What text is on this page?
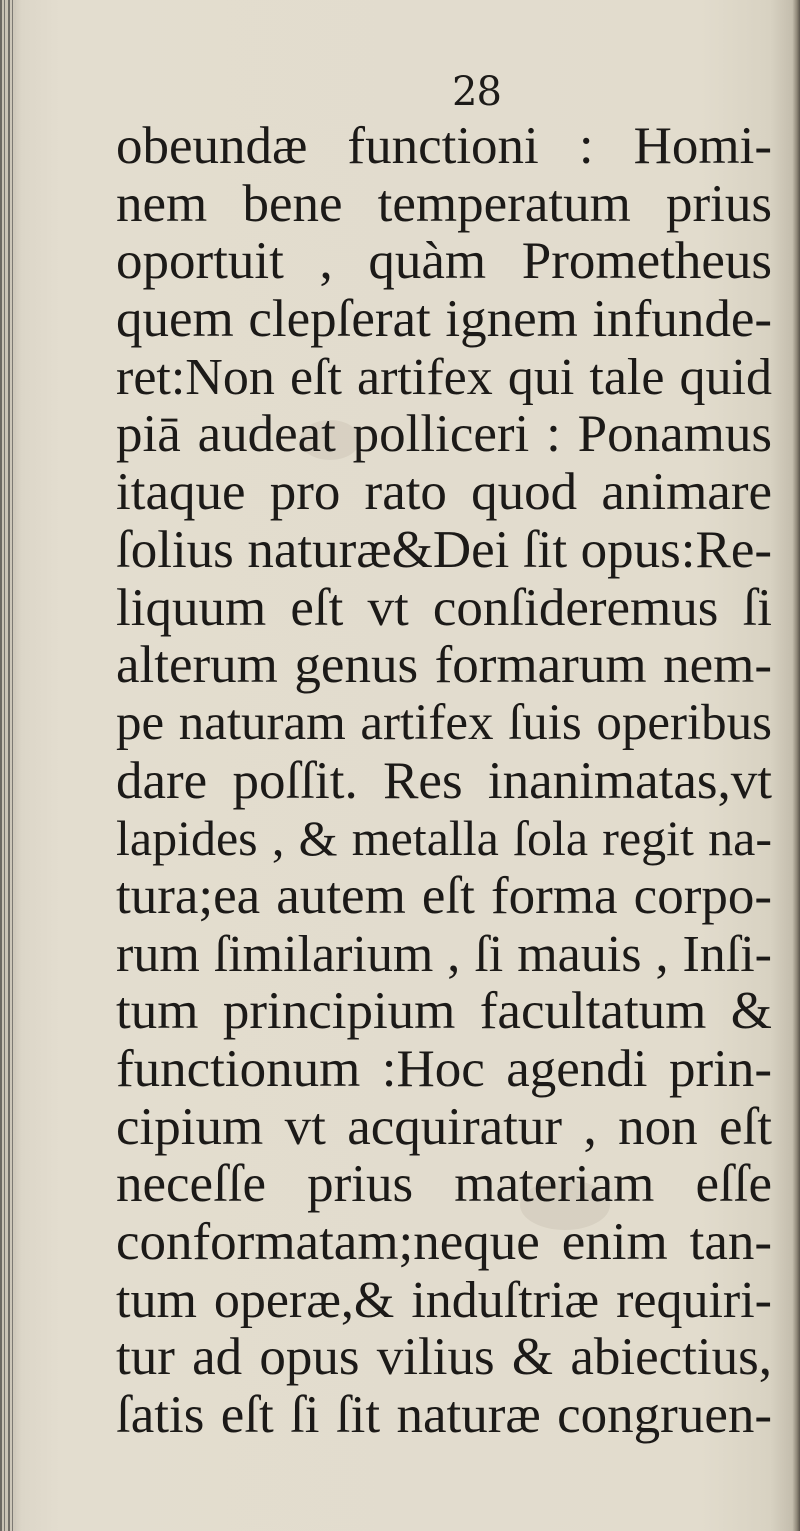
28
obeundæ functioni : Homi-
nem bene temperatum prius
oportuit , quàm Prometheus
quem clepſerat ignem infunde-
ret:Non eſt artifex qui tale quid
piā audeat polliceri : Ponamus
itaque pro rato quod animare
ſolius naturæ&Dei ſit opus:Re-
liquum eſt vt conſideremus ſi
alterum genus formarum nem-
pe naturam artifex ſuis operibus
dare poſſit. Res inanimatas,vt
lapides , & metalla ſola regit na-
tura;ea autem eſt forma corpo-
rum ſimilarium , ſi mauis , Inſi-
tum principium facultatum &
functionum :Hoc agendi prin-
cipium vt acquiratur , non eſt
neceſſe prius materiam eſſe
conformatam;neque enim tan-
tum operæ,& induſtriæ requiri-
tur ad opus vilius & abiectius,
ſatis eſt ſi ſit naturæ congruen-
